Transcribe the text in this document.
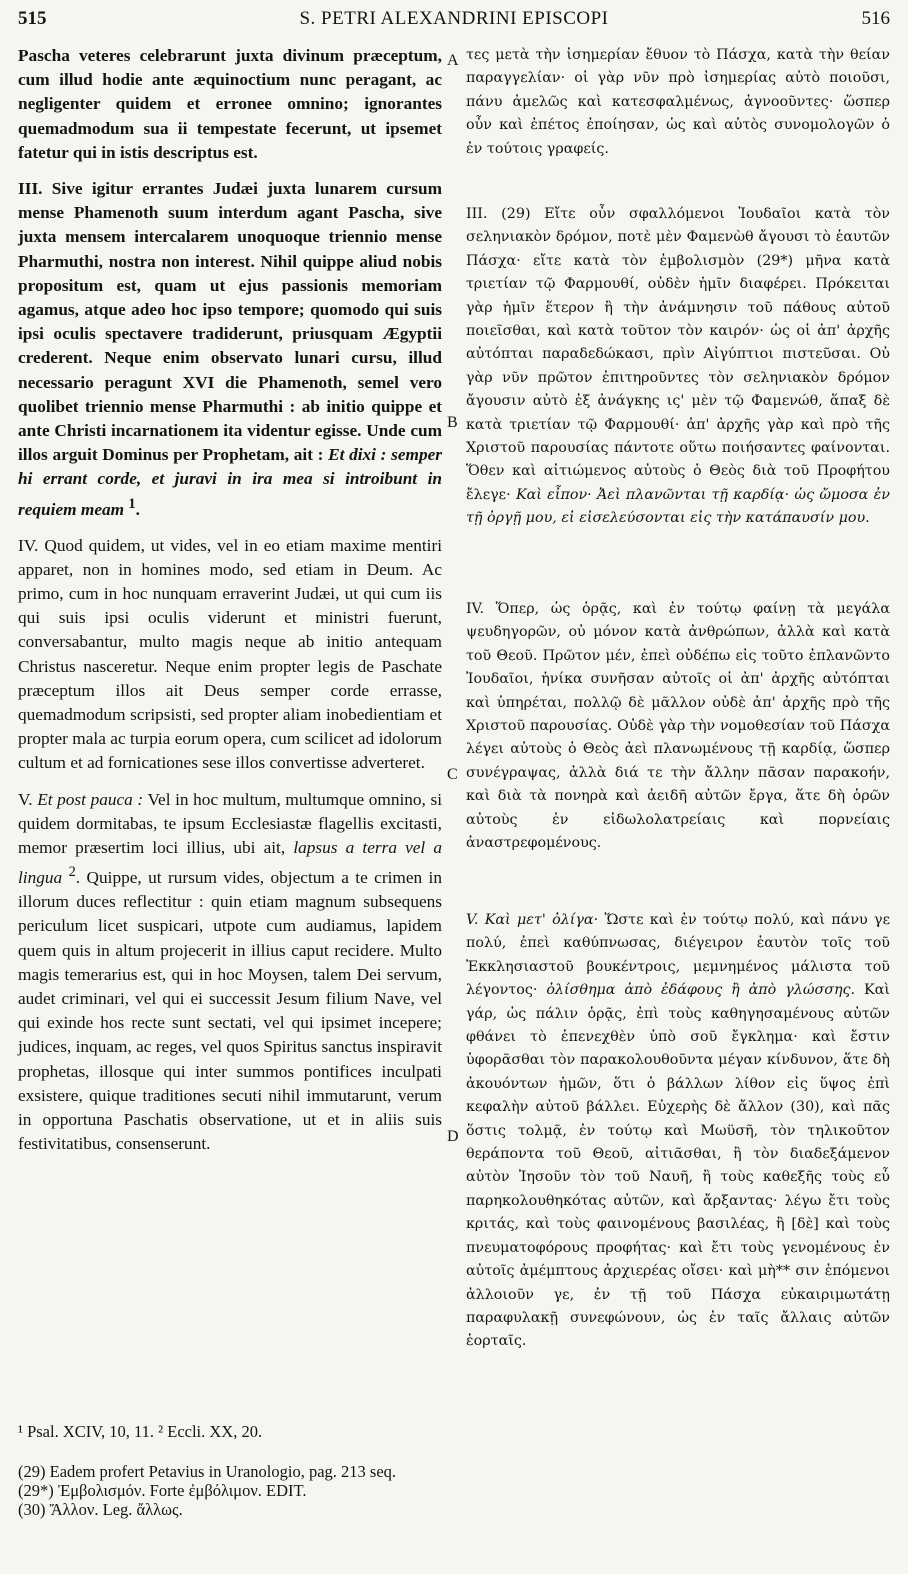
515	S. PETRI ALEXANDRINI EPISCOPI	516

Pascha veteres celebrarunt juxta divinum præceptum, cum illud hodie ante æquinoctium nunc peragant, ac negligenter quidem et erronee omnino; ignorantes quemadmodum sua ii tempestate fecerunt, ut ipsemet fatetur qui in istis descriptus est.

III. Sive igitur errantes Judæi juxta lunarem cursum mense Phamenoth suum interdum agant Pascha, sive juxta mensem intercalarem unoquoque triennio mense Pharmuthi, nostra non interest. Nihil quippe aliud nobis propositum est, quam ut ejus passionis memoriam agamus, atque adeo hoc ipso tempore; quomodo qui suis ipsi oculis spectavere tradiderunt, priusquam Ægyptii crederent. Neque enim observato lunari cursu, illud necessario peragunt XVI die Phamenoth, semel vero quolibet triennio mense Pharmuthi : ab initio quippe et ante Christi incarnationem ita videntur egisse. Unde cum illos arguit Dominus per Prophetam, ait : Et dixi : semper hi errant corde, et juravi in ira mea si introibunt in requiem meam $^1$.

IV. Quod quidem, ut vides, vel in eo etiam maxime mentiri apparet, non in homines modo, sed etiam in Deum. Ac primo, cum in hoc nunquam erraverint Judæi, ut qui cum iis qui suis ipsi oculis viderunt et ministri fuerunt, conversabantur, multo magis neque ab initio antequam Christus nasceretur. Neque enim propter legis de Paschate præceptum illos ait Deus semper corde errasse, quemadmodum scripsisti, sed propter aliam inobedientiam et propter mala ac turpia eorum opera, cum scilicet ad idolorum cultum et ad fornicationes sese illos convertisse adverteret.

V. Et post pauca : Vel in hoc multum, multumque omnino, si quidem dormitabas, te ipsum Ecclesiastæ flagellis excitasti, memor præsertim loci illius, ubi ait, lapsus a terra vel a lingua $^2$. Quippe, ut rursum vides, objectum a te crimen in illorum duces reflectitur : quin etiam magnum subsequens periculum licet suspicari, utpote cum audiamus, lapidem quem quis in altum projecerit in illius caput recidere. Multo magis temerarius est, qui in hoc Moysen, talem Dei servum, audet criminari, vel qui ei successit Jesum filium Nave, vel qui exinde hos recte sunt sectati, vel qui ipsimet incepere; judices, inquam, ac reges, vel quos Spiritus sanctus inspiravit prophetas, illosque qui inter summos pontifices inculpati exsistere, quique traditiones secuti nihil immutarunt, verum in opportuna Paschatis observatione, ut et in aliis suis festivitatibus, consenserunt.

A
B
C
D

τες μετὰ τὴν ἰσημερίαν ἔθυον τὸ Πάσχα, κατὰ τὴν θείαν παραγγελίαν· οἱ γὰρ νῦν πρὸ ἰσημερίας αὐτὸ ποιοῦσι, πάνυ ἀμελῶς καὶ κατεσφαλμένως, ἀγνοοῦντες· ὥσπερ οὖν καὶ ἐπέτος ἐποίησαν, ὡς καὶ αὐτὸς συνομολογῶν ὁ ἐν τούτοις γραφείς.

III. (29) Εἴτε οὖν σφαλλόμενοι Ἰουδαῖοι κατὰ τὸν σεληνιακὸν δρόμον, ποτὲ μὲν Φαμενὼθ ἄγουσι τὸ ἑαυτῶν Πάσχα· εἴτε κατὰ τὸν ἐμβολισμὸν (29*) μῆνα κατὰ τριετίαν τῷ Φαρμουθί, οὐδὲν ἡμῖν διαφέρει. Πρόκειται γὰρ ἡμῖν ἕτερον ἢ τὴν ἀνάμνησιν τοῦ πάθους αὐτοῦ ποιεῖσθαι, καὶ κατὰ τοῦτον τὸν καιρόν· ὡς οἱ ἀπ' ἀρχῆς αὐτόπται παραδεδώκασι, πρὶν Αἰγύπτιοι πιστεῦσαι. Οὐ γὰρ νῦν πρῶτον ἐπιτηροῦντες τὸν σεληνιακὸν δρόμον ἄγουσιν αὐτὸ ἐξ ἀνάγκης ις' μὲν τῷ Φαμενώθ, ἅπαξ δὲ κατὰ τριετίαν τῷ Φαρμουθί· ἀπ' ἀρχῆς γὰρ καὶ πρὸ τῆς Χριστοῦ παρουσίας πάντοτε οὕτω ποιήσαντες φαίνονται. Ὅθεν καὶ αἰτιώμενος αὐτοὺς ὁ Θεὸς διὰ τοῦ Προφήτου ἔλεγε· Καὶ εἶπον· Ἀεὶ πλανῶνται τῇ καρδίᾳ· ὡς ὤμοσα ἐν τῇ ὀργῇ μου, εἰ εἰσελεύσονται εἰς τὴν κατάπαυσίν μου.

IV. Ὅπερ, ὡς ὁρᾷς, καὶ ἐν τούτῳ φαίνῃ τὰ μεγάλα ψευδηγορῶν, οὐ μόνον κατὰ ἀνθρώπων, ἀλλὰ καὶ κατὰ τοῦ Θεοῦ. Πρῶτον μέν, ἐπεὶ οὐδέπω εἰς τοῦτο ἐπλανῶντο Ἰουδαῖοι, ἡνίκα συνῆσαν αὐτοῖς οἱ ἀπ' ἀρχῆς αὐτόπται καὶ ὑπηρέται, πολλῷ δὲ μᾶλλον οὐδὲ ἀπ' ἀρχῆς πρὸ τῆς Χριστοῦ παρουσίας. Οὐδὲ γὰρ τὴν νομοθεσίαν τοῦ Πάσχα λέγει αὐτοὺς ὁ Θεὸς ἀεὶ πλανωμένους τῇ καρδίᾳ, ὥσπερ συνέγραψας, ἀλλὰ διά τε τὴν ἄλλην πᾶσαν παρακοήν, καὶ διὰ τὰ πονηρὰ καὶ ἀειδῆ αὐτῶν ἔργα, ἅτε δὴ ὁρῶν αὐτοὺς ἐν εἰδωλολατρείαις καὶ πορνείαις ἀναστρεφομένους.

V. Καὶ μετ' ὀλίγα· Ὥστε καὶ ἐν τούτῳ πολύ, καὶ πάνυ γε πολύ, ἐπεὶ καθύπνωσας, διέγειρον ἑαυτὸν τοῖς τοῦ Ἐκκλησιαστοῦ βουκέντροις, μεμνημένος μάλιστα τοῦ λέγοντος· ὀλίσθημα ἀπὸ ἐδάφους ἢ ἀπὸ γλώσσης. Καὶ γάρ, ὡς πάλιν ὁρᾷς, ἐπὶ τοὺς καθηγησαμένους αὐτῶν φθάνει τὸ ἐπενεχθὲν ὑπὸ σοῦ ἔγκλημα· καὶ ἔστιν ὑφορᾶσθαι τὸν παρακολουθοῦντα μέγαν κίνδυνον, ἅτε δὴ ἀκουόντων ἡμῶν, ὅτι ὁ βάλλων λίθον εἰς ὕψος ἐπὶ κεφαλὴν αὐτοῦ βάλλει. Εὐχερὴς δὲ ἄλλον (30), καὶ πᾶς ὅστις τολμᾷ, ἐν τούτῳ καὶ Μωϋσῆ, τὸν τηλικοῦτον θεράποντα τοῦ Θεοῦ, αἰτιᾶσθαι, ἢ τὸν διαδεξάμενον αὐτὸν Ἰησοῦν τὸν τοῦ Ναυῆ, ἢ τοὺς καθεξῆς τοὺς εὖ παρηκολουθηκότας αὐτῶν, καὶ ἄρξαντας· λέγω ἔτι τοὺς κριτάς, καὶ τοὺς φαινομένους βασιλέας, ἢ [δὲ] καὶ τοὺς πνευματοφόρους προφήτας· καὶ ἔτι τοὺς γενομένους ἐν αὐτοῖς ἀμέμπτους ἀρχιερέας οἴσει· καὶ μὴ** σιν ἑπόμενοι ἀλλοιοῦν γε, ἐν τῇ τοῦ Πάσχα εὐκαιριμωτάτῃ παραφυλακῇ συνεφώνουν, ὡς ἐν ταῖς ἄλλαις αὐτῶν ἑορταῖς.

¹ Psal. XCIV, 10, 11. ² Eccli. XX, 20.
(29) Eadem profert Petavius in Uranologio, pag. 213 seq.
(29*) Ἐμβολισμόν. Forte ἐμβόλιμον. EDIT.
(30) Ἄλλον. Leg. ἄλλως.
